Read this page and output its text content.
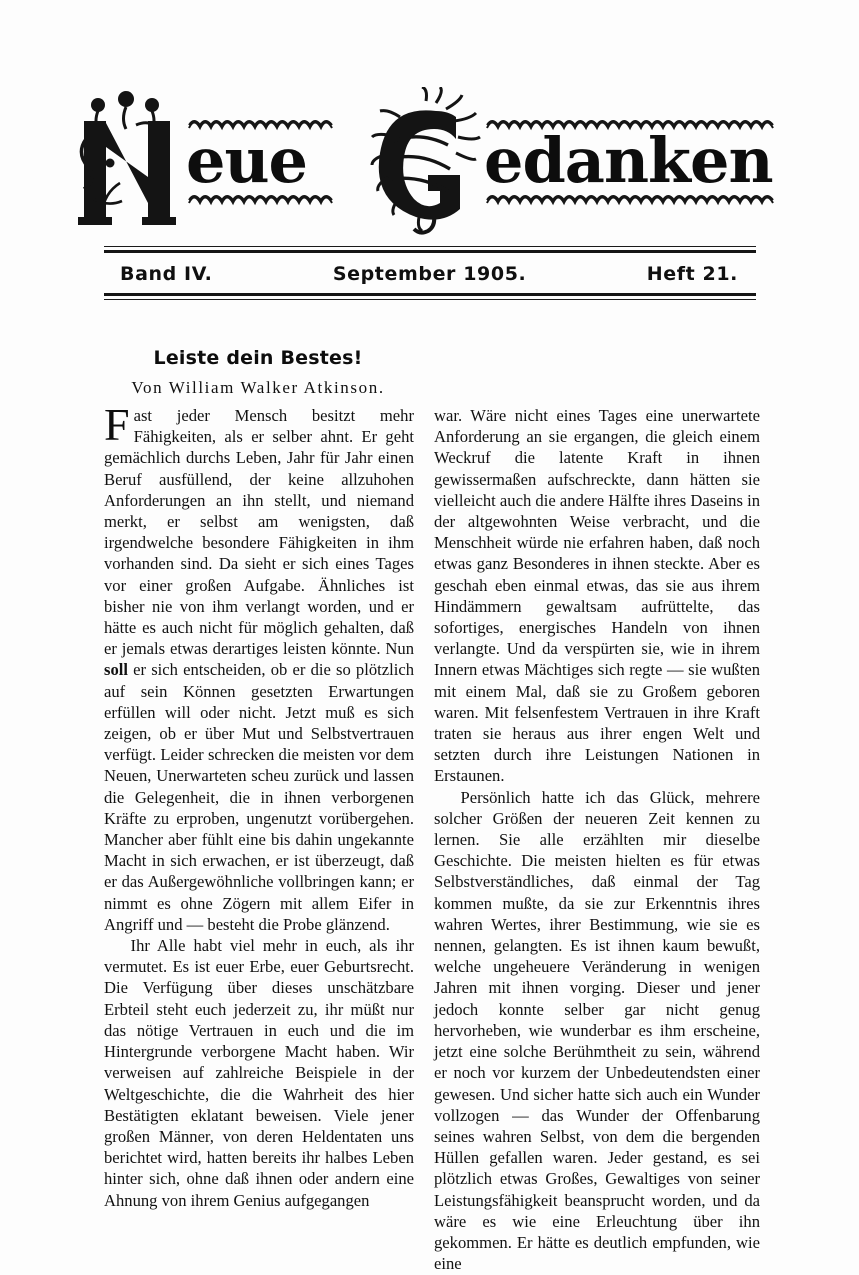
eue	edanken
Band IV.	September 1905.	Heft 21.
Leiste dein Bestes!
Von William Walker Atkinson.

Fast jeder Mensch besitzt mehr Fähigkeiten, als er selber ahnt. Er geht gemächlich durchs Leben, Jahr für Jahr einen Beruf ausfüllend, der keine allzuhohen Anforderungen an ihn stellt, und niemand merkt, er selbst am wenigsten, daß irgendwelche besondere Fähigkeiten in ihm vorhanden sind. Da sieht er sich eines Tages vor einer großen Aufgabe. Ähnliches ist bisher nie von ihm verlangt worden, und er hätte es auch nicht für möglich gehalten, daß er jemals etwas derartiges leisten könnte. Nun soll er sich entscheiden, ob er die so plötzlich auf sein Können gesetzten Erwartungen erfüllen will oder nicht. Jetzt muß es sich zeigen, ob er über Mut und Selbstvertrauen verfügt. Leider schrecken die meisten vor dem Neuen, Unerwarteten scheu zurück und lassen die Gelegenheit, die in ihnen verborgenen Kräfte zu erproben, ungenutzt vorübergehen. Mancher aber fühlt eine bis dahin ungekannte Macht in sich erwachen, er ist überzeugt, daß er das Außergewöhnliche vollbringen kann; er nimmt es ohne Zögern mit allem Eifer in Angriff und — besteht die Probe glänzend.

Ihr Alle habt viel mehr in euch, als ihr vermutet. Es ist euer Erbe, euer Geburtsrecht. Die Verfügung über dieses unschätzbare Erbteil steht euch jederzeit zu, ihr müßt nur das nötige Vertrauen in euch und die im Hintergrunde verborgene Macht haben. Wir verweisen auf zahlreiche Beispiele in der Weltgeschichte, die die Wahrheit des hier Bestätigten eklatant beweisen. Viele jener großen Männer, von deren Heldentaten uns berichtet wird, hatten bereits ihr halbes Leben hinter sich, ohne daß ihnen oder andern eine Ahnung von ihrem Genius aufgegangen

war. Wäre nicht eines Tages eine unerwartete Anforderung an sie ergangen, die gleich einem Weckruf die latente Kraft in ihnen gewissermaßen aufschreckte, dann hätten sie vielleicht auch die andere Hälfte ihres Daseins in der altgewohnten Weise verbracht, und die Menschheit würde nie erfahren haben, daß noch etwas ganz Besonderes in ihnen steckte. Aber es geschah eben einmal etwas, das sie aus ihrem Hindämmern gewaltsam aufrüttelte, das sofortiges, energisches Handeln von ihnen verlangte. Und da verspürten sie, wie in ihrem Innern etwas Mächtiges sich regte — sie wußten mit einem Mal, daß sie zu Großem geboren waren. Mit felsenfestem Vertrauen in ihre Kraft traten sie heraus aus ihrer engen Welt und setzten durch ihre Leistungen Nationen in Erstaunen.

Persönlich hatte ich das Glück, mehrere solcher Größen der neueren Zeit kennen zu lernen. Sie alle erzählten mir dieselbe Geschichte. Die meisten hielten es für etwas Selbstverständliches, daß einmal der Tag kommen mußte, da sie zur Erkenntnis ihres wahren Wertes, ihrer Bestimmung, wie sie es nennen, gelangten. Es ist ihnen kaum bewußt, welche ungeheuere Veränderung in wenigen Jahren mit ihnen vorging. Dieser und jener jedoch konnte selber gar nicht genug hervorheben, wie wunderbar es ihm erscheine, jetzt eine solche Berühmtheit zu sein, während er noch vor kurzem der Unbedeutendsten einer gewesen. Und sicher hatte sich auch ein Wunder vollzogen — das Wunder der Offenbarung seines wahren Selbst, von dem die bergenden Hüllen gefallen waren. Jeder gestand, es sei plötzlich etwas Großes, Gewaltiges von seiner Leistungsfähigkeit beansprucht worden, und da wäre es wie eine Erleuchtung über ihn gekommen. Er hätte es deutlich empfunden, wie eine
